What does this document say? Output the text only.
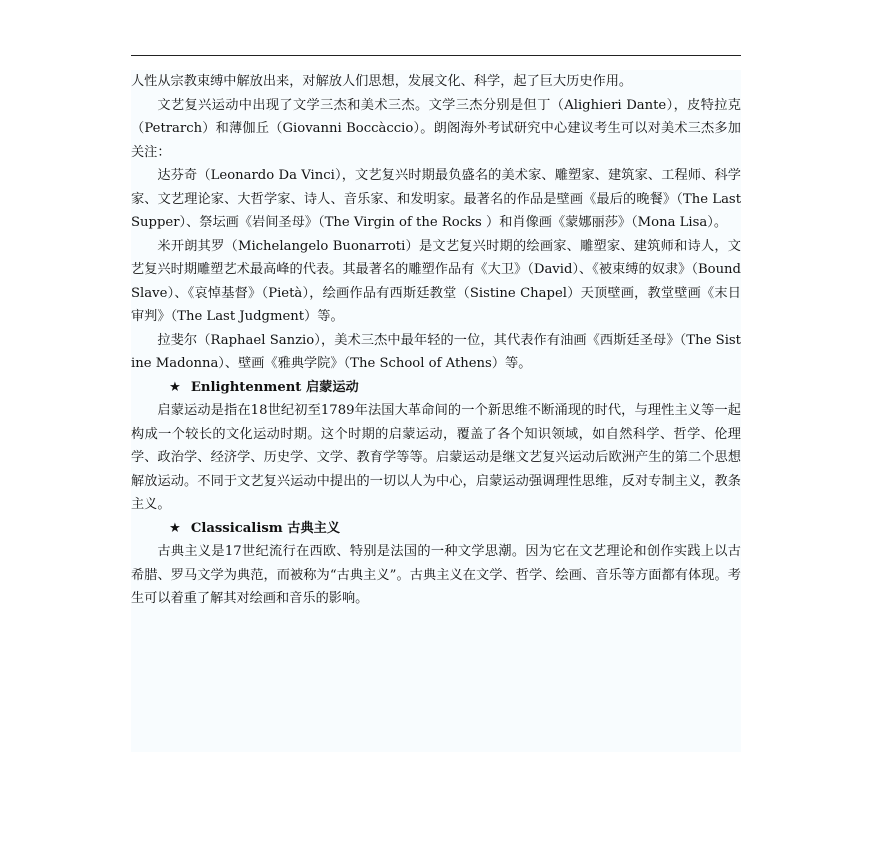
人性从宗教束缚中解放出来，对解放人们思想，发展文化、科学，起了巨大历史作用。

文艺复兴运动中出现了文学三杰和美术三杰。文学三杰分别是但丁（Alighieri Dante），皮特拉克（Petrarch）和薄伽丘（Giovanni Boccàccio）。朗阁海外考试研究中心建议考生可以对美术三杰多加关注：

达芬奇（Leonardo Da Vinci），文艺复兴时期最负盛名的美术家、雕塑家、建筑家、工程师、科学家、文艺理论家、大哲学家、诗人、音乐家、和发明家。最著名的作品是壁画《最后的晚餐》（The Last Supper）、祭坛画《岩间圣母》（The Virgin of the Rocks ）和肖像画《蒙娜丽莎》（Mona Lisa）。

米开朗其罗（Michelangelo Buonarroti）是文艺复兴时期的绘画家、雕塑家、建筑师和诗人，文艺复兴时期雕塑艺术最高峰的代表。其最著名的雕塑作品有《大卫》（David）、《被束缚的奴隶》（Bound Slave）、《哀悼基督》（Pietà），绘画作品有西斯廷教堂（Sistine Chapel）天顶壁画，教堂壁画《末日审判》（The Last Judgment）等。

拉斐尔（Raphael Sanzio），美术三杰中最年轻的一位，其代表作有油画《西斯廷圣母》（The Sistine Madonna）、壁画《雅典学院》（The School of Athens）等。

★ Enlightenment 启蒙运动

启蒙运动是指在18世纪初至1789年法国大革命间的一个新思维不断涌现的时代，与理性主义等一起构成一个较长的文化运动时期。这个时期的启蒙运动，覆盖了各个知识领域，如自然科学、哲学、伦理学、政治学、经济学、历史学、文学、教育学等等。启蒙运动是继文艺复兴运动后欧洲产生的第二个思想解放运动。不同于文艺复兴运动中提出的一切以人为中心，启蒙运动强调理性思维，反对专制主义，教条主义。

★ Classicalism 古典主义

古典主义是17世纪流行在西欧、特别是法国的一种文学思潮。因为它在文艺理论和创作实践上以古希腊、罗马文学为典范，而被称为“古典主义”。古典主义在文学、哲学、绘画、音乐等方面都有体现。考生可以着重了解其对绘画和音乐的影响。
